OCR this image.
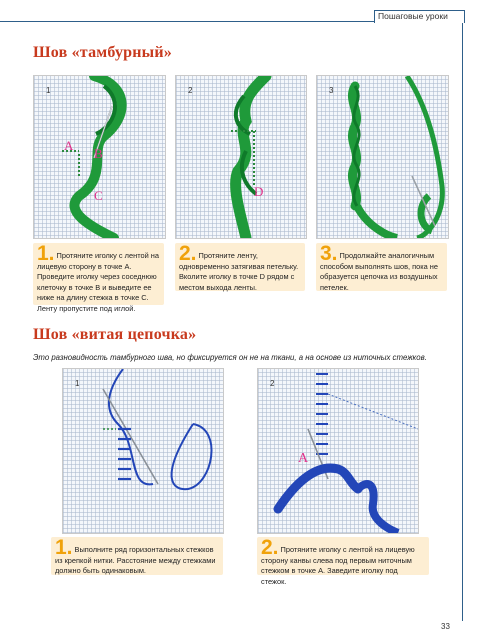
Пошаговые уроки
Шов «тамбурный»
1
A
B
C
2
D
3
1. Протяните иголку с лентой на лицевую сторону в точке A. Проведите иголку через соседнюю клеточку в точке B и выведите ее ниже на длину стежка в точке C. Ленту пропустите под иглой.
2. Протяните ленту, одновременно затягивая петельку. Вколите иголку в точке D рядом с местом выхода ленты.
3. Продолжайте аналогичным способом выполнять шов, пока не образуется цепочка из воздушных петелек.
Шов «витая цепочка»
Это разновидность тамбурного шва, но фиксируется он не на ткани, а на основе из ниточных стежков.
1	2
A
1. Выполните ряд горизонтальных стежков из крепкой нитки. Расстояние между стежками должно быть одинаковым.
2. Протяните иголку с лентой на лицевую сторону канвы слева под первым ниточным стежком в точке A. Заведите иголку под стежок.
33
